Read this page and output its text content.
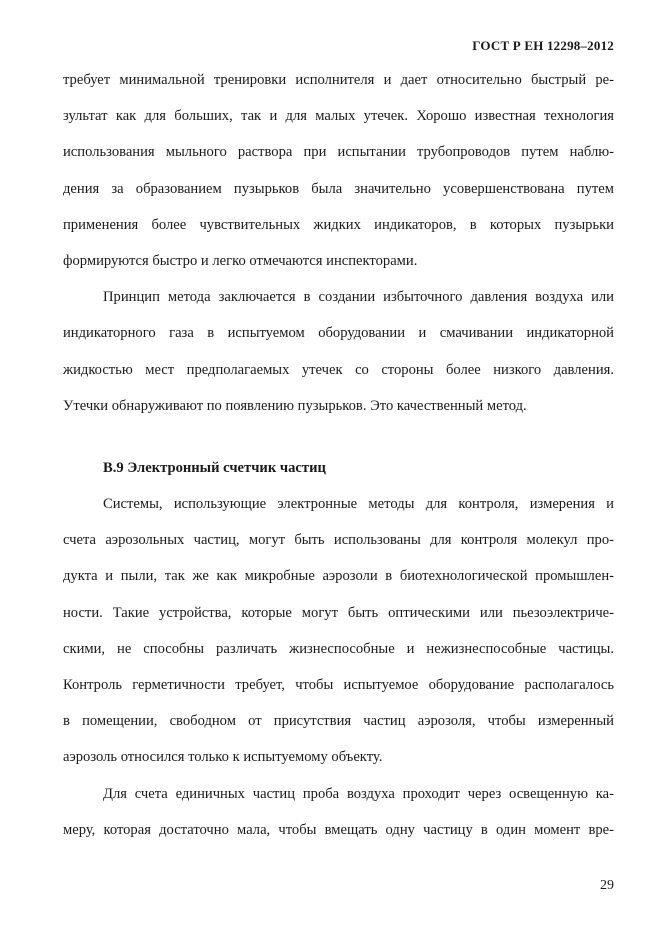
ГОСТ Р ЕН 12298–2012
требует минимальной тренировки исполнителя и дает относительно быстрый ре-
зультат как для больших, так и для малых утечек. Хорошо известная технология
использования мыльного раствора при испытании трубопроводов путем наблю-
дения за образованием пузырьков была значительно усовершенствована путем
применения более чувствительных жидких индикаторов, в которых пузырьки
формируются быстро и легко отмечаются инспекторами.
Принцип метода заключается в создании избыточного давления воздуха или
индикаторного газа в испытуемом оборудовании и смачивании индикаторной
жидкостью мест предполагаемых утечек со стороны более низкого давления.
Утечки обнаруживают по появлению пузырьков. Это качественный метод.
В.9 Электронный счетчик частиц
Системы, использующие электронные методы для контроля, измерения и
счета аэрозольных частиц, могут быть использованы для контроля молекул про-
дукта и пыли, так же как микробные аэрозоли в биотехнологической промышлен-
ности. Такие устройства, которые могут быть оптическими или пьезоэлектриче-
скими, не способны различать жизнеспособные и нежизнеспособные частицы.
Контроль герметичности требует, чтобы испытуемое оборудование располагалось
в помещении, свободном от присутствия частиц аэрозоля, чтобы измеренный
аэрозоль относился только к испытуемому объекту.
Для счета единичных частиц проба воздуха проходит через освещенную ка-
меру, которая достаточно мала, чтобы вмещать одну частицу в один момент вре-
29
